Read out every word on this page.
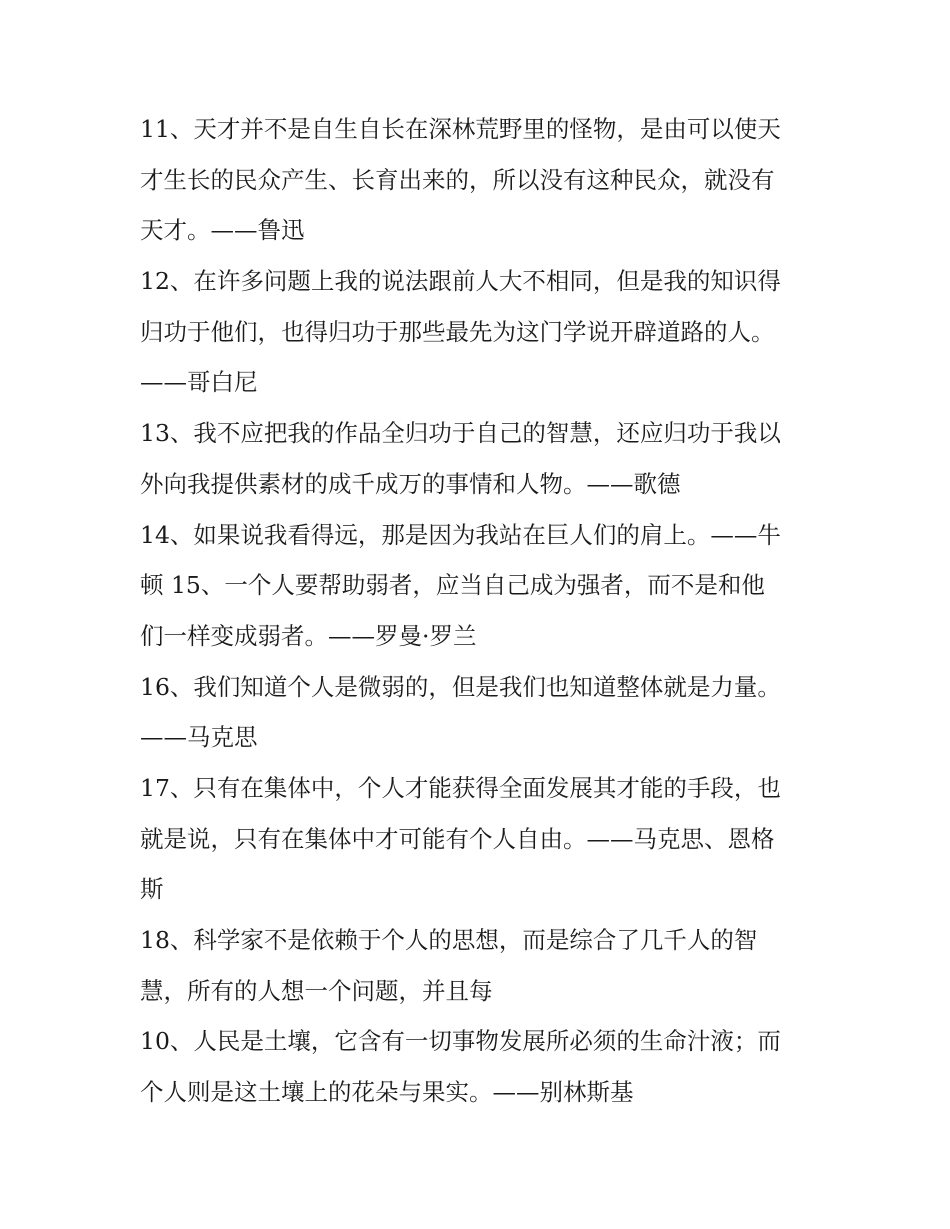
11、天才并不是自生自长在深林荒野里的怪物，是由可以使天
才生长的民众产生、长育出来的，所以没有这种民众，就没有
天才。——鲁迅
12、在许多问题上我的说法跟前人大不相同，但是我的知识得
归功于他们，也得归功于那些最先为这门学说开辟道路的人。
——哥白尼
13、我不应把我的作品全归功于自己的智慧，还应归功于我以
外向我提供素材的成千成万的事情和人物。——歌德
14、如果说我看得远，那是因为我站在巨人们的肩上。——牛
顿 15、一个人要帮助弱者，应当自己成为强者，而不是和他
们一样变成弱者。——罗曼·罗兰
16、我们知道个人是微弱的，但是我们也知道整体就是力量。
——马克思
17、只有在集体中，个人才能获得全面发展其才能的手段，也
就是说，只有在集体中才可能有个人自由。——马克思、恩格
斯
18、科学家不是依赖于个人的思想，而是综合了几千人的智
慧，所有的人想一个问题，并且每
10、人民是土壤，它含有一切事物发展所必须的生命汁液；而
个人则是这土壤上的花朵与果实。——别林斯基
